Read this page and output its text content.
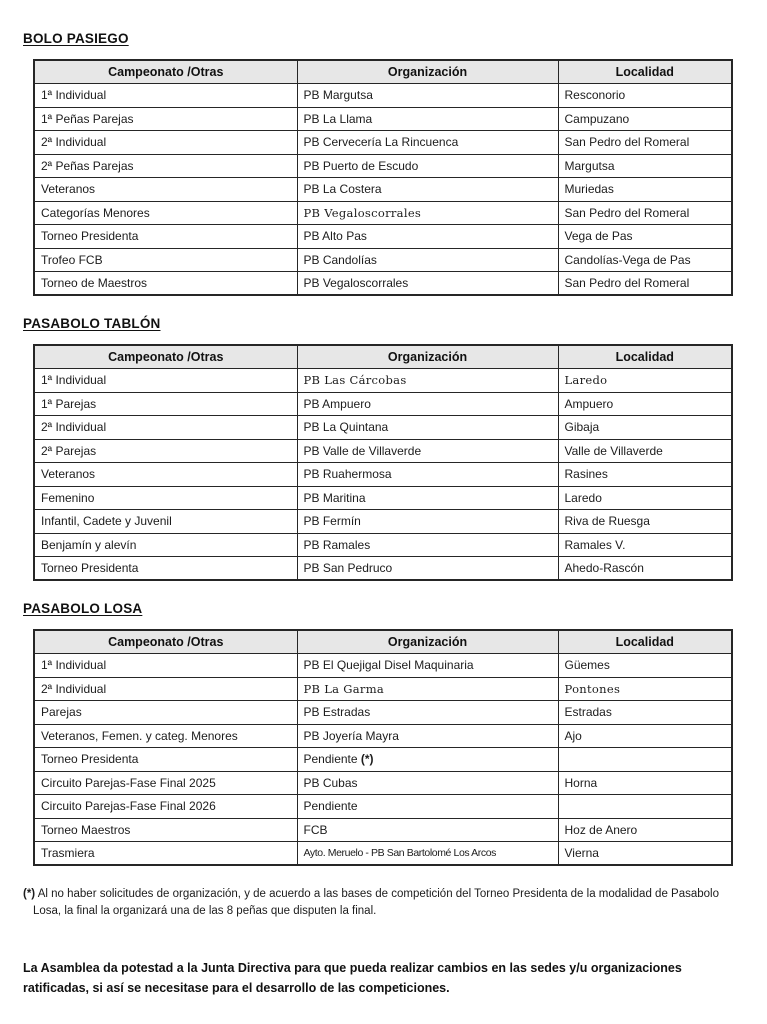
BOLO PASIEGO
Campeonato /Otras	Organización	Localidad
1ª Individual	PB Margutsa	Resconorio
1ª Peñas Parejas	PB La Llama	Campuzano
2ª Individual	PB Cervecería La Rincuenca	San Pedro del Romeral
2ª Peñas Parejas	PB Puerto de Escudo	Margutsa
Veteranos	PB La Costera	Muriedas
Categorías Menores	PB Vegaloscorrales	San Pedro del Romeral
Torneo Presidenta	PB Alto Pas	Vega de Pas
Trofeo FCB	PB Candolías	Candolías-Vega de Pas
Torneo de Maestros	PB Vegaloscorrales	San Pedro del Romeral
PASABOLO TABLÓN
Campeonato /Otras	Organización	Localidad
1ª Individual	PB Las Cárcobas	Laredo
1ª Parejas	PB Ampuero	Ampuero
2ª Individual	PB La Quintana	Gibaja
2ª Parejas	PB Valle de Villaverde	Valle de Villaverde
Veteranos	PB Ruahermosa	Rasines
Femenino	PB Maritina	Laredo
Infantil, Cadete y Juvenil	PB Fermín	Riva de Ruesga
Benjamín y alevín	PB Ramales	Ramales V.
Torneo Presidenta	PB San Pedruco	Ahedo-Rascón
PASABOLO LOSA
Campeonato /Otras	Organización	Localidad
1ª Individual	PB El Quejigal Disel Maquinaria	Güemes
2ª Individual	PB La Garma	Pontones
Parejas	PB Estradas	Estradas
Veteranos, Femen. y categ. Menores	PB Joyería Mayra	Ajo
Torneo Presidenta	Pendiente (*)	
Circuito Parejas-Fase Final 2025	PB Cubas	Horna
Circuito Parejas-Fase Final 2026	Pendiente	
Torneo Maestros	FCB	Hoz de Anero
Trasmiera	Ayto. Meruelo - PB San Bartolomé Los Arcos	Vierna

(*) Al no haber solicitudes de organización, y de acuerdo a las bases de competición del Torneo Presidenta de la modalidad de Pasabolo Losa, la final la organizará una de las 8 peñas que disputen la final.

La Asamblea da potestad a la Junta Directiva para que pueda realizar cambios en las sedes y/u organizaciones ratificadas, si así se necesitase para el desarrollo de las competiciones.
